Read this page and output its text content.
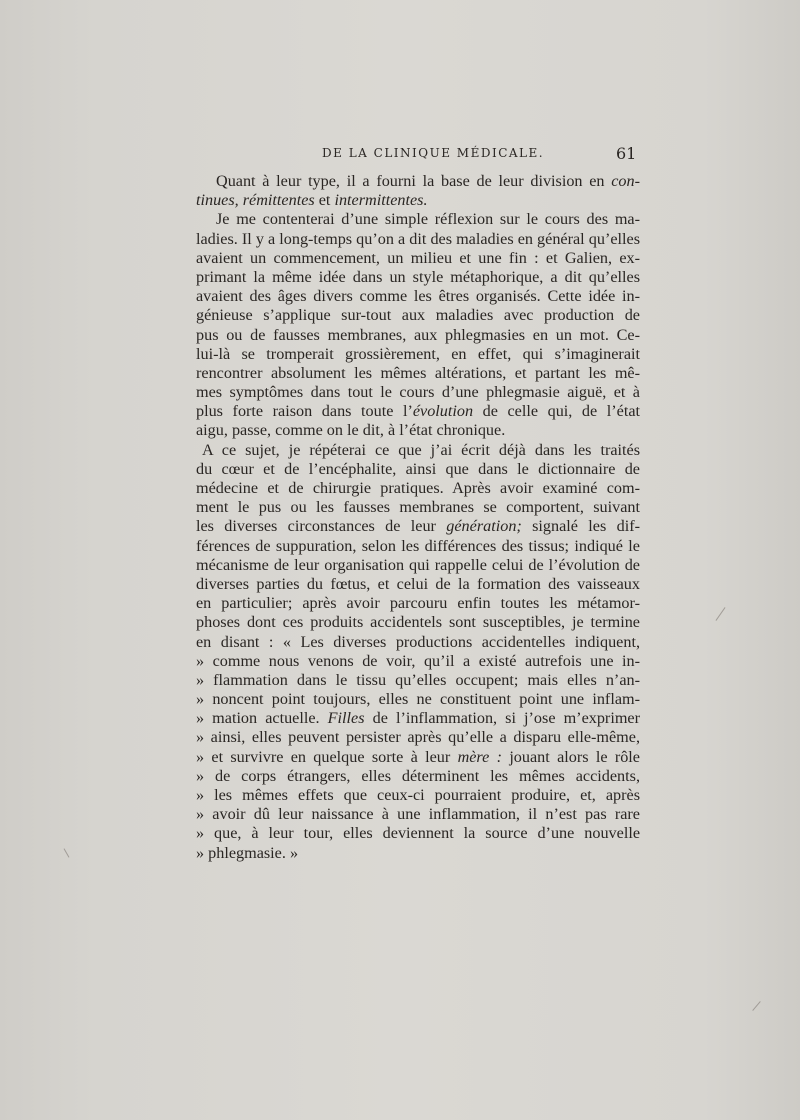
DE LA CLINIQUE MÉDICALE.	61
Quant à leur type, il a fourni la base de leur division en con-
tinues, rémittentes et intermittentes.
Je me contenterai d’une simple réflexion sur le cours des ma-
ladies. Il y a long-temps qu’on a dit des maladies en général qu’elles
avaient un commencement, un milieu et une fin : et Galien, ex-
primant la même idée dans un style métaphorique, a dit qu’elles
avaient des âges divers comme les êtres organisés. Cette idée in-
génieuse s’applique sur-tout aux maladies avec production de
pus ou de fausses membranes, aux phlegmasies en un mot. Ce-
lui-là se tromperait grossièrement, en effet, qui s’imaginerait
rencontrer absolument les mêmes altérations, et partant les mê-
mes symptômes dans tout le cours d’une phlegmasie aiguë, et à
plus forte raison dans toute l’évolution de celle qui, de l’état
aigu, passe, comme on le dit, à l’état chronique.
A ce sujet, je répéterai ce que j’ai écrit déjà dans les traités
du cœur et de l’encéphalite, ainsi que dans le dictionnaire de
médecine et de chirurgie pratiques. Après avoir examiné com-
ment le pus ou les fausses membranes se comportent, suivant
les diverses circonstances de leur génération; signalé les dif-
férences de suppuration, selon les différences des tissus; indiqué le
mécanisme de leur organisation qui rappelle celui de l’évolution de
diverses parties du fœtus, et celui de la formation des vaisseaux
en particulier; après avoir parcouru enfin toutes les métamor-
phoses dont ces produits accidentels sont susceptibles, je termine
en disant : « Les diverses productions accidentelles indiquent,
» comme nous venons de voir, qu’il a existé autrefois une in-
» flammation dans le tissu qu’elles occupent; mais elles n’an-
» noncent point toujours, elles ne constituent point une inflam-
» mation actuelle. Filles de l’inflammation, si j’ose m’exprimer
» ainsi, elles peuvent persister après qu’elle a disparu elle-même,
» et survivre en quelque sorte à leur mère : jouant alors le rôle
» de corps étrangers, elles déterminent les mêmes accidents,
» les mêmes effets que ceux-ci pourraient produire, et, après
» avoir dû leur naissance à une inflammation, il n’est pas rare
» que, à leur tour, elles deviennent la source d’une nouvelle
» phlegmasie. »
